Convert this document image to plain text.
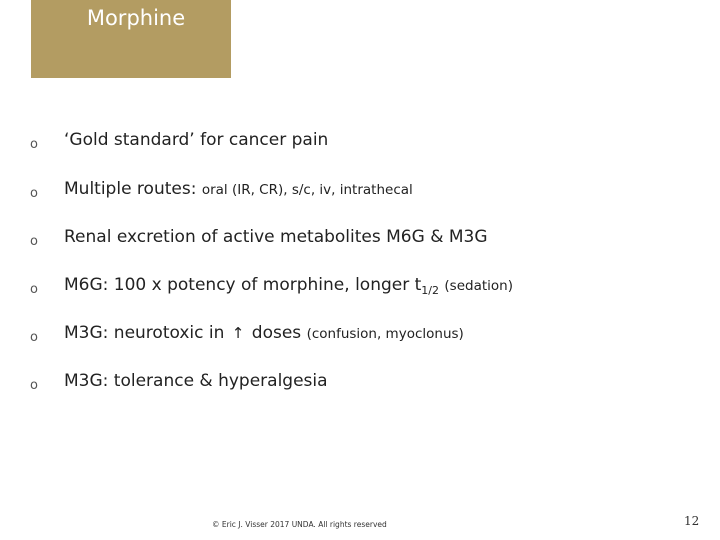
Morphine
o ‘Gold standard’ for cancer pain
o Multiple routes: oral (IR, CR), s/c, iv, intrathecal
o Renal excretion of active metabolites M6G & M3G
o M6G: 100 x potency of morphine, longer $t_{1/2}$ (sedation)
o M3G: neurotoxic in ↑ doses (confusion, myoclonus)
o M3G: tolerance & hyperalgesia
© Eric J. Visser 2017 UNDA. All rights reserved	12
